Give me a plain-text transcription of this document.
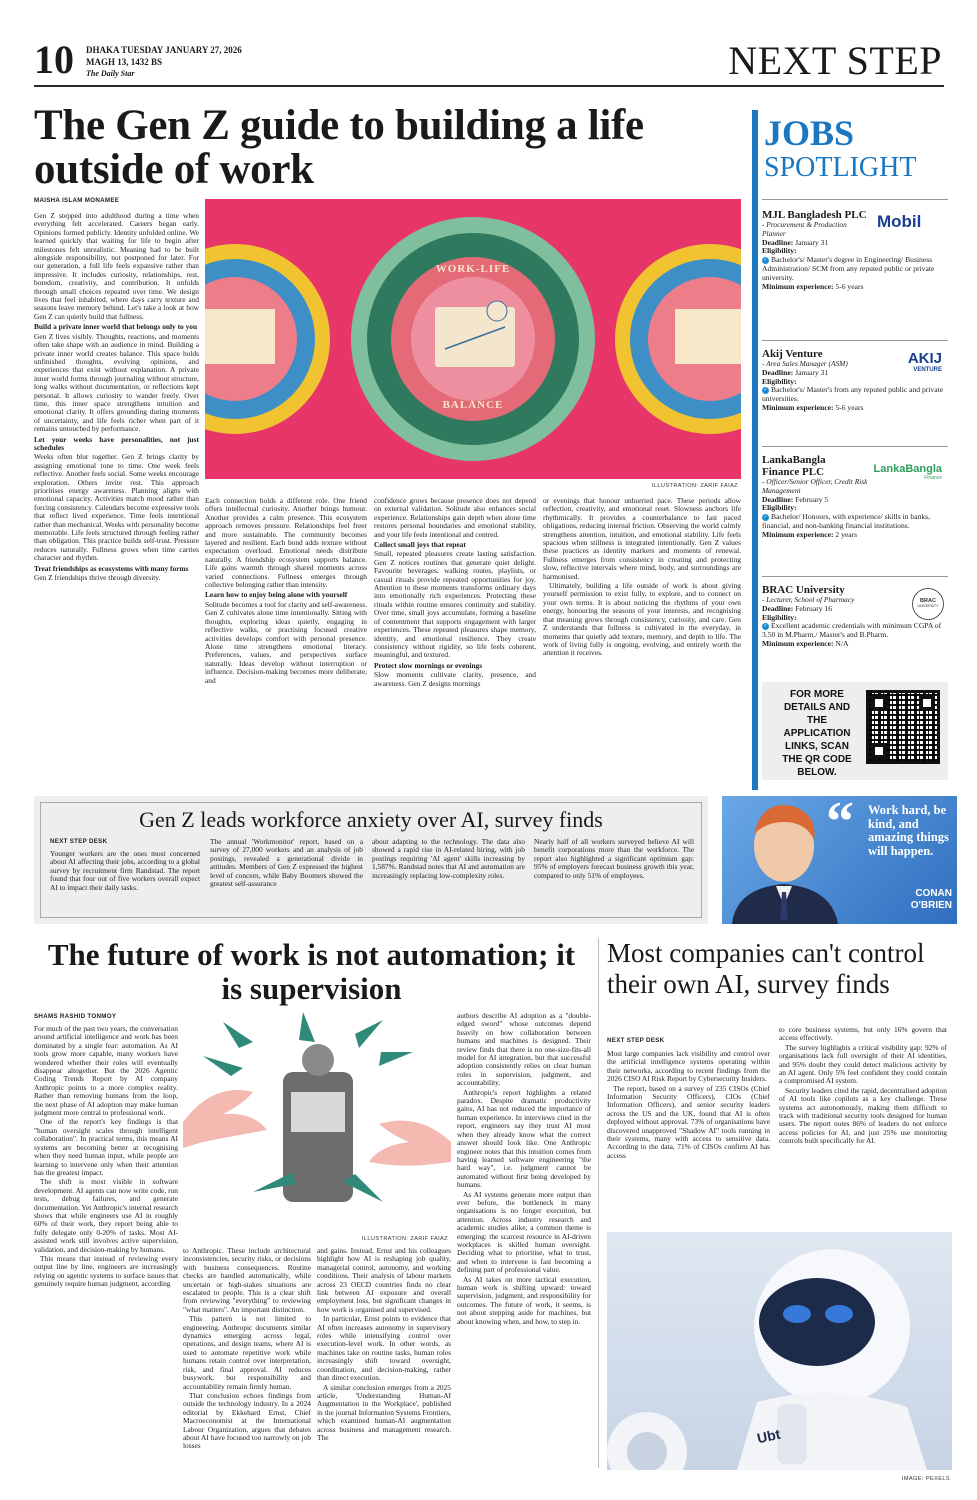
10 DHAKA TUESDAY JANUARY 27, 2026
MAGH 13, 1432 BS
The Daily Star	NEXT STEP
The Gen Z guide to building a life outside of work
MAISHA ISLAM MONAMEE

Gen Z stepped into adulthood during a time when everything felt accelerated. Careers began early. Opinions formed publicly. Identity unfolded online. We learned quickly that waiting for life to begin after milestones felt unrealistic. Meaning had to be built alongside responsibility, not postponed for later. For our generation, a full life feels expansive rather than impressive. It includes curiosity, relationships, rest, boredom, creativity, and contribution. It unfolds through small choices repeated over time. We design lives that feel inhabited, where days carry texture and seasons leave memory behind. Let's take a look at how Gen Z can quietly build that fullness.

Build a private inner world that belongs only to you

Gen Z lives visibly. Thoughts, reactions, and moments often take shape with an audience in mind. Building a private inner world creates balance. This space holds unfinished thoughts, evolving opinions, and experiences that exist without explanation. A private inner world forms through journaling without structure, long walks without documentation, or reflections kept personal. It allows curiosity to wander freely. Over time, this inner space strengthens intuition and emotional clarity. It offers grounding during moments of uncertainty, and life feels richer when part of it remains untouched by performance.

Let your weeks have personalities, not just schedules

Weeks often blur together. Gen Z brings clarity by assigning emotional tone to time. One week feels reflective. Another feels social. Some weeks encourage exploration. Others invite rest. This approach prioritises energy awareness. Planning aligns with emotional capacity. Activities match mood rather than forcing consistency. Calendars become expressive tools that reflect lived experience. Time feels intentional rather than mechanical. Weeks with personality become memorable. Life feels structured through feeling rather than obligation. This practice builds self-trust. Pressure reduces naturally. Fullness grows when time carries character and rhythm.

Treat friendships as ecosystems with many forms

Gen Z friendships thrive through diversity.

WORK-LIFE
BALANCE
ILLUSTRATION: ZARIF FAIAZ

Each connection holds a different role. One friend offers intellectual curiosity. Another brings humour. Another provides a calm presence. This ecosystem approach removes pressure. Relationships feel freer and more sustainable. The community becomes layered and resilient. Each bond adds texture without expectation overload. Emotional needs distribute naturally. A friendship ecosystem supports balance. Life gains warmth through shared moments across varied connections. Fullness emerges through collective belonging rather than intensity.

Learn how to enjoy being alone with yourself

Solitude becomes a tool for clarity and self-awareness. Gen Z cultivates alone time intentionally. Sitting with thoughts, exploring ideas quietly, engaging in reflective walks, or practising focused creative activities develops comfort with personal presence. Alone time strengthens emotional literacy. Preferences, values, and perspectives surface naturally. Ideas develop without interruption or influence. Decision-making becomes more deliberate, and

confidence grows because presence does not depend on external validation. Solitude also enhances social experience. Relationships gain depth when alone time restores personal boundaries and emotional stability, and your life feels intentional and centred.

Collect small joys that repeat

Small, repeated pleasures create lasting satisfaction. Gen Z notices routines that generate quiet delight. Favourite beverages, walking routes, playlists, or casual rituals provide repeated opportunities for joy. Attention to these moments transforms ordinary days into emotionally rich experiences. Protecting these rituals within routine ensures continuity and stability. Over time, small joys accumulate, forming a baseline of contentment that supports engagement with larger experiences. These repeated pleasures shape memory, identity, and emotional resilience. They create consistency without rigidity, so life feels coherent, meaningful, and textured.

Protect slow mornings or evenings

Slow moments cultivate clarity, presence, and awareness. Gen Z designs mornings

or evenings that honour unhurried pace. These periods allow reflection, creativity, and emotional reset. Slowness anchors life rhythmically. It provides a counterbalance to fast paced obligations, reducing internal friction. Observing the world calmly strengthens attention, intuition, and emotional stability. Life feels spacious when stillness is integrated intentionally. Gen Z values these practices as identity markers and moments of renewal. Fullness emerges from consistency in creating and protecting slow, reflective intervals where mind, body, and surroundings are harmonised.

Ultimately, building a life outside of work is about giving yourself permission to exist fully, to explore, and to connect on your own terms. It is about noticing the rhythms of your own energy, honouring the seasons of your interests, and recognising that meaning grows through consistency, curiosity, and care. Gen Z understands that fullness is cultivated in the everyday, in moments that quietly add texture, memory, and depth to life. The work of living fully is ongoing, evolving, and entirely worth the attention it receives.

JOBS
SPOTLIGHT
MJL Bangladesh PLC
- Procurement & Production Planner
Deadline: January 31
Eligibility:
✓ Bachelor's/ Master's degree in Engineering/ Business Administration/ SCM from any reputed public or private university.
Minimum experience: 5-6 years
Mobil
Akij Venture
- Area Sales Manager (ASM)
Deadline: January 31
Eligibility:
✓ Bachelor's/ Master's from any reputed public and private universities.
Minimum experience: 5-6 years
AKIJ
VENTURE
LankaBangla Finance PLC
- Officer/Senior Officer, Credit Risk Management
Deadline: February 5
Eligibility:
✓ Bachelor/ Honours, with experience/ skills in banks, financial, and non-banking financial institutions.
Minimum experience: 2 years
LankaBangla
Finance
BRAC University
- Lecturer, School of Pharmacy
Deadline: February 16
Eligibility:
✓ Excellent academic credentials with minimum CGPA of 3.50 in M.Pharm./ Master's and B.Pharm.
Minimum experience: N/A
BRAC
UNIVERSITY
FOR MORE DETAILS AND THE APPLICATION LINKS, SCAN THE QR CODE BELOW.
Gen Z leads workforce anxiety over AI, survey finds
NEXT STEP DESK

Younger workers are the ones most concerned about AI affecting their jobs, according to a global survey by recruitment firm Randstad. The report found that four out of five workers overall expect AI to impact their daily tasks.

The annual 'Workmonitor' report, based on a survey of 27,000 workers and an analysis of job postings, revealed a generational divide in attitudes. Members of Gen Z expressed the highest level of concern, while Baby Boomers showed the greatest self-assurance

about adapting to the technology. The data also showed a rapid rise in AI-related hiring, with job postings requiring 'AI agent' skills increasing by 1,587%. Randstad notes that AI and automation are increasingly replacing low-complexity roles.

Nearly half of all workers surveyed believe AI will benefit corporations more than the workforce. The report also highlighted a significant optimism gap: 95% of employers forecast business growth this year, compared to only 51% of employees.

“ Work hard, be kind, and amazing things will happen.
CONAN O'BRIEN
The future of work is not automation; it is supervision
SHAMS RASHID TONMOY

For much of the past two years, the conversation around artificial intelligence and work has been dominated by a single fear: automation. As AI tools grow more capable, many workers have wondered whether their roles will eventually disappear altogether. But the 2026 Agentic Coding Trends Report by AI company Anthropic points to a more complex reality. Rather than removing humans from the loop, the next phase of AI adoption may make human judgment more central to professional work.

One of the report's key findings is that "human oversight scales through intelligent collaboration". In practical terms, this means AI systems are becoming better at recognising when they need human input, while people are learning to intervene only when their attention has the greatest impact.

The shift is most visible in software development. AI agents can now write code, run tests, debug failures, and generate documentation. Yet Anthropic's internal research shows that while engineers use AI in roughly 60% of their work, they report being able to fully delegate only 0-20% of tasks. Most AI-assisted work still involves active supervision, validation, and decision-making by humans.

This means that instead of reviewing every output line by line, engineers are increasingly relying on agentic systems to surface issues that genuinely require human judgment, according

ILLUSTRATION: ZARIF FAIAZ

to Anthropic. These include architectural inconsistencies, security risks, or decisions with business consequences. Routine checks are handled automatically, while uncertain or high-stakes situations are escalated to people. This is a clear shift from reviewing "everything" to reviewing "what matters". An important distinction.

This pattern is not limited to engineering. Anthropic documents similar dynamics emerging across legal, operations, and design teams, where AI is used to automate repetitive work while humans retain control over interpretation, risk, and final approval. AI reduces busywork, but responsibility and accountability remain firmly human.

That conclusion echoes findings from outside the technology industry. In a 2024 editorial by Ekkehard Ernst, Chief Macroeconomist at the International Labour Organization, argues that debates about AI have focused too narrowly on job losses

and gains. Instead, Ernst and his colleagues highlight how AI is reshaping job quality, managerial control, autonomy, and working conditions. Their analysis of labour markets across 23 OECD countries finds no clear link between AI exposure and overall employment loss, but significant changes in how work is organised and supervised.

In particular, Ernst points to evidence that AI often increases autonomy in supervisory roles while intensifying control over execution-level work. In other words, as machines take on routine tasks, human roles increasingly shift toward oversight, coordination, and decision-making, rather than direct execution.

A similar conclusion emerges from a 2025 article, 'Understanding Human-AI Augmentation in the Workplace', published in the journal Information Systems Frontiers, which examined human-AI augmentation across business and management research. The

authors describe AI adoption as a "double-edged sword" whose outcomes depend heavily on how collaboration between humans and machines is designed. Their review finds that there is no one-size-fits-all model for AI integration, but that successful adoption consistently relies on clear human roles in supervision, judgment, and accountability.

Anthropic's report highlights a related paradox. Despite dramatic productivity gains, AI has not reduced the importance of human experience. In interviews cited in the report, engineers say they trust AI most when they already know what the correct answer should look like. One Anthropic engineer notes that this intuition comes from having learned software engineering "the hard way", i.e. judgment cannot be automated without first being developed by humans.

As AI systems generate more output than ever before, the bottleneck in many organisations is no longer execution, but attention. Across industry research and academic studies alike, a common theme is emerging: the scarcest resource in AI-driven workplaces is skilled human oversight. Deciding what to prioritise, what to trust, and when to intervene is fast becoming a defining part of professional value.

As AI takes on more tactical execution, human work is shifting upward: toward supervision, judgment, and responsibility for outcomes. The future of work, it seems, is not about stepping aside for machines, but about knowing when, and how, to step in.

Most companies can't control their own AI, survey finds
NEXT STEP DESK

Most large companies lack visibility and control over the artificial intelligence systems operating within their networks, according to recent findings from the 2026 CISO AI Risk Report by Cybersecurity Insiders.

The report, based on a survey of 235 CISOs (Chief Information Security Officers), CIOs (Chief Information Officers), and senior security leaders across the US and the UK, found that AI is often deployed without approval. 73% of organisations have discovered unapproved "Shadow AI" tools running in their systems, many with access to sensitive data. According to the data, 71% of CISOs confirm AI has access

to core business systems, but only 16% govern that access effectively.

The survey highlights a critical visibility gap: 92% of organisations lack full oversight of their AI identities, and 95% doubt they could detect malicious activity by an AI agent. Only 5% feel confident they could contain a compromised AI system.

Security leaders cited the rapid, decentralised adoption of AI tools like copilots as a key challenge. These systems act autonomously, making them difficult to track with traditional security tools designed for human users. The report notes 86% of leaders do not enforce access policies for AI, and just 25% use monitoring controls built specifically for AI.

Ubt
IMAGE: PEXELS
